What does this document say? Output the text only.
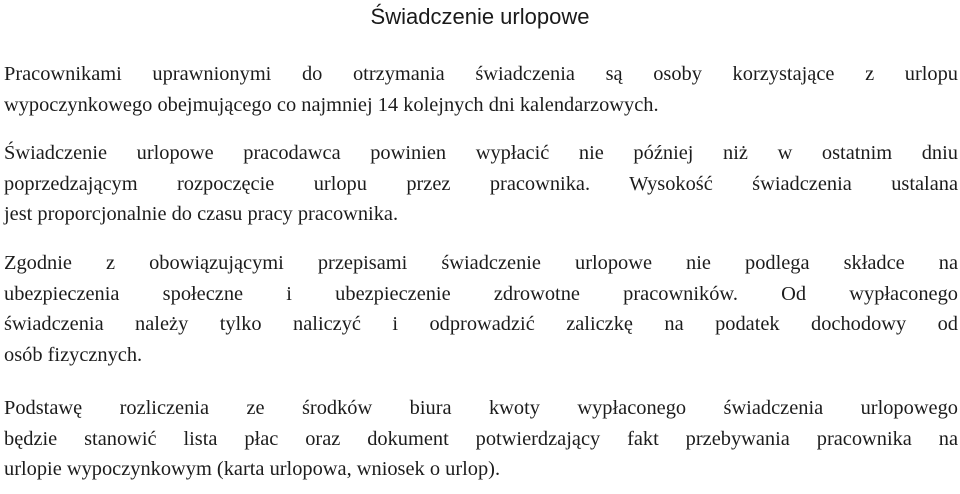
Świadczenie urlopowe

Pracownikami uprawnionymi do otrzymania świadczenia są osoby korzystające z urlopu
wypoczynkowego obejmującego co najmniej 14 kolejnych dni kalendarzowych.

Świadczenie urlopowe pracodawca powinien wypłacić nie później niż w ostatnim dniu
poprzedzającym rozpoczęcie urlopu przez pracownika. Wysokość świadczenia ustalana
jest proporcjonalnie do czasu pracy pracownika.

Zgodnie z obowiązującymi przepisami świadczenie urlopowe nie podlega składce na
ubezpieczenia społeczne i ubezpieczenie zdrowotne pracowników. Od wypłaconego
świadczenia należy tylko naliczyć i odprowadzić zaliczkę na podatek dochodowy od
osób fizycznych.

Podstawę rozliczenia ze środków biura kwoty wypłaconego świadczenia urlopowego
będzie stanowić lista płac oraz dokument potwierdzający fakt przebywania pracownika na
urlopie wypoczynkowym (karta urlopowa, wniosek o urlop).
